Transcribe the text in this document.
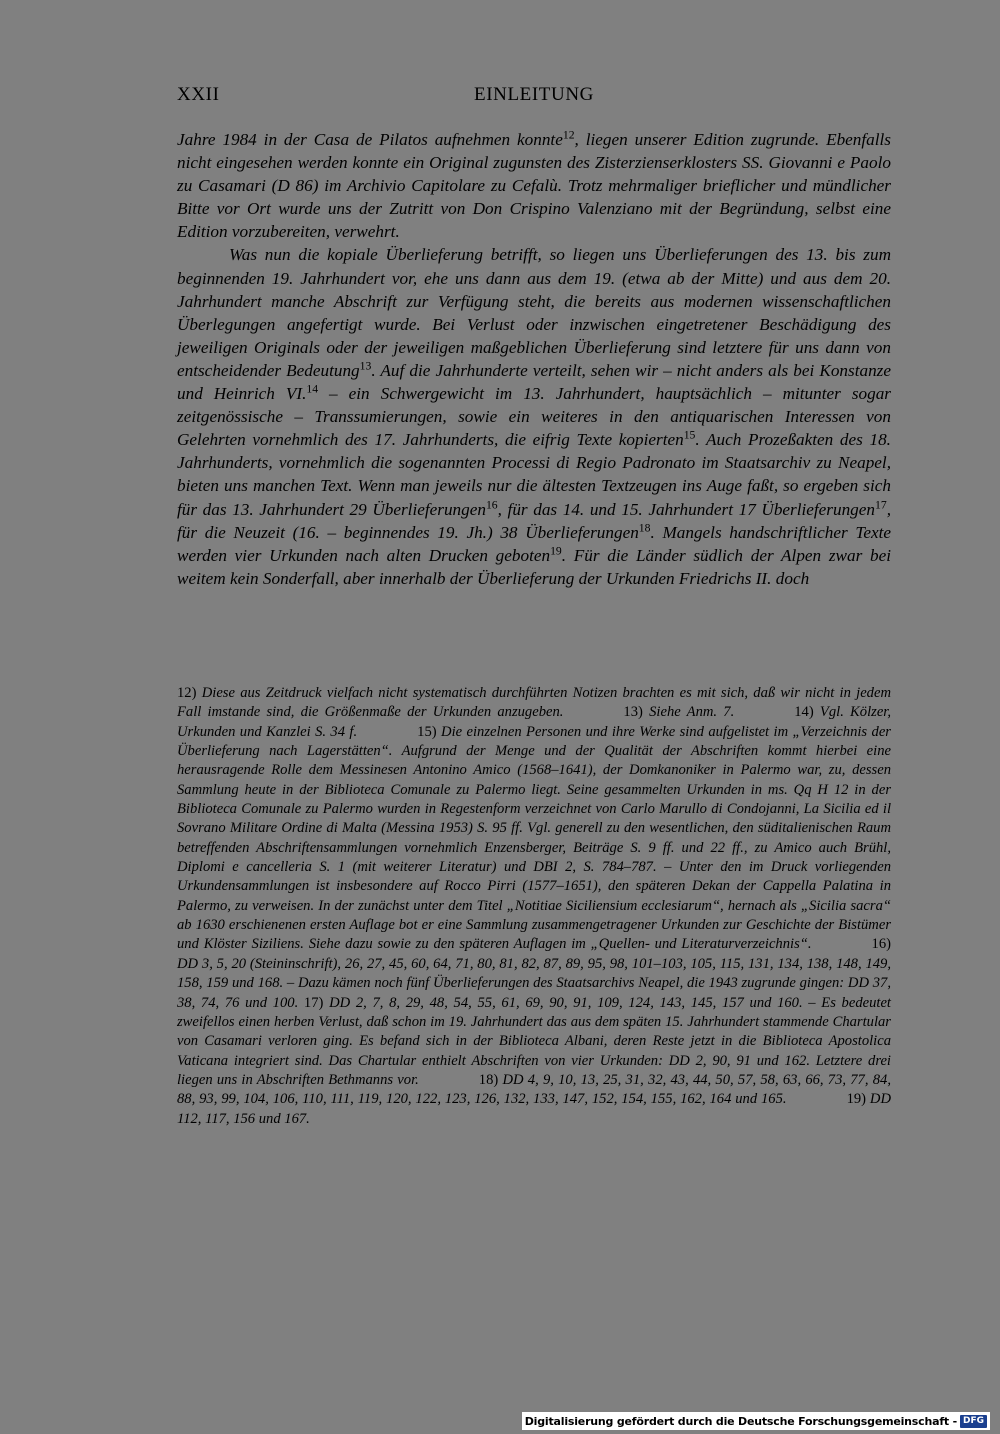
XXII	EINLEITUNG

Jahre 1984 in der Casa de Pilatos aufnehmen konnte$^{12}$, liegen unserer Edition zugrunde. Ebenfalls nicht eingesehen werden konnte ein Original zugunsten des Zisterzienserklosters SS. Giovanni e Paolo zu Casamari (D 86) im Archivio Capitolare zu Cefalù. Trotz mehrmaliger brieflicher und mündlicher Bitte vor Ort wurde uns der Zutritt von Don Crispino Valenziano mit der Begründung, selbst eine Edition vorzubereiten, verwehrt.

Was nun die kopiale Überlieferung betrifft, so liegen uns Überlieferungen des 13. bis zum beginnenden 19. Jahrhundert vor, ehe uns dann aus dem 19. (etwa ab der Mitte) und aus dem 20. Jahrhundert manche Abschrift zur Verfügung steht, die bereits aus modernen wissenschaftlichen Überlegungen angefertigt wurde. Bei Verlust oder inzwischen eingetretener Beschädigung des jeweiligen Originals oder der jeweiligen maßgeblichen Überlieferung sind letztere für uns dann von entscheidender Bedeutung$^{13}$. Auf die Jahrhunderte verteilt, sehen wir – nicht anders als bei Konstanze und Heinrich VI.$^{14}$ – ein Schwergewicht im 13. Jahrhundert, hauptsächlich – mitunter sogar zeitgenössische – Transsumierungen, sowie ein weiteres in den antiquarischen Interessen von Gelehrten vornehmlich des 17. Jahrhunderts, die eifrig Texte kopierten$^{15}$. Auch Prozeßakten des 18. Jahrhunderts, vornehmlich die sogenannten Processi di Regio Padronato im Staatsarchiv zu Neapel, bieten uns manchen Text. Wenn man jeweils nur die ältesten Textzeugen ins Auge faßt, so ergeben sich für das 13. Jahrhundert 29 Überlieferungen$^{16}$, für das 14. und 15. Jahrhundert 17 Überlieferungen$^{17}$, für die Neuzeit (16. – beginnendes 19. Jh.) 38 Überlieferungen$^{18}$. Mangels handschriftlicher Texte werden vier Urkunden nach alten Drucken geboten$^{19}$. Für die Länder südlich der Alpen zwar bei weitem kein Sonderfall, aber innerhalb der Überlieferung der Urkunden Friedrichs II. doch

12) Diese aus Zeitdruck vielfach nicht systematisch durchführten Notizen brachten es mit sich, daß wir nicht in jedem Fall imstande sind, die Größenmaße der Urkunden anzugeben.	13) Siehe Anm. 7.	14) Vgl. Kölzer, Urkunden und Kanzlei S. 34 f.	15) Die einzelnen Personen und ihre Werke sind aufgelistet im „Verzeichnis der Überlieferung nach Lagerstätten“. Aufgrund der Menge und der Qualität der Abschriften kommt hierbei eine herausragende Rolle dem Messinesen Antonino Amico (1568–1641), der Domkanoniker in Palermo war, zu, dessen Sammlung heute in der Biblioteca Comunale zu Palermo liegt. Seine gesammelten Urkunden in ms. Qq H 12 in der Biblioteca Comunale zu Palermo wurden in Regestenform verzeichnet von Carlo Marullo di Condojanni, La Sicilia ed il Sovrano Militare Ordine di Malta (Messina 1953) S. 95 ff. Vgl. generell zu den wesentlichen, den süditalienischen Raum betreffenden Abschriftensammlungen vornehmlich Enzensberger, Beiträge S. 9 ff. und 22 ff., zu Amico auch Brühl, Diplomi e cancelleria S. 1 (mit weiterer Literatur) und DBI 2, S. 784–787. – Unter den im Druck vorliegenden Urkundensammlungen ist insbesondere auf Rocco Pirri (1577–1651), den späteren Dekan der Cappella Palatina in Palermo, zu verweisen. In der zunächst unter dem Titel „Notitiae Siciliensium ecclesiarum“, hernach als „Sicilia sacra“ ab 1630 erschienenen ersten Auflage bot er eine Sammlung zusammengetragener Urkunden zur Geschichte der Bistümer und Klöster Siziliens. Siehe dazu sowie zu den späteren Auflagen im „Quellen- und Literaturverzeichnis“.	16) DD 3, 5, 20 (Steininschrift), 26, 27, 45, 60, 64, 71, 80, 81, 82, 87, 89, 95, 98, 101–103, 105, 115, 131, 134, 138, 148, 149, 158, 159 und 168. – Dazu kämen noch fünf Überlieferungen des Staatsarchivs Neapel, die 1943 zugrunde gingen: DD 37, 38, 74, 76 und 100. 17) DD 2, 7, 8, 29, 48, 54, 55, 61, 69, 90, 91, 109, 124, 143, 145, 157 und 160. – Es bedeutet zweifellos einen herben Verlust, daß schon im 19. Jahrhundert das aus dem späten 15. Jahrhundert stammende Chartular von Casamari verloren ging. Es befand sich in der Biblioteca Albani, deren Reste jetzt in die Biblioteca Apostolica Vaticana integriert sind. Das Chartular enthielt Abschriften von vier Urkunden: DD 2, 90, 91 und 162. Letztere drei liegen uns in Abschriften Bethmanns vor.	18) DD 4, 9, 10, 13, 25, 31, 32, 43, 44, 50, 57, 58, 63, 66, 73, 77, 84, 88, 93, 99, 104, 106, 110, 111, 119, 120, 122, 123, 126, 132, 133, 147, 152, 154, 155, 162, 164 und 165.	19) DD 112, 117, 156 und 167.

Digitalisierung gefördert durch die Deutsche Forschungsgemeinschaft - DFG
